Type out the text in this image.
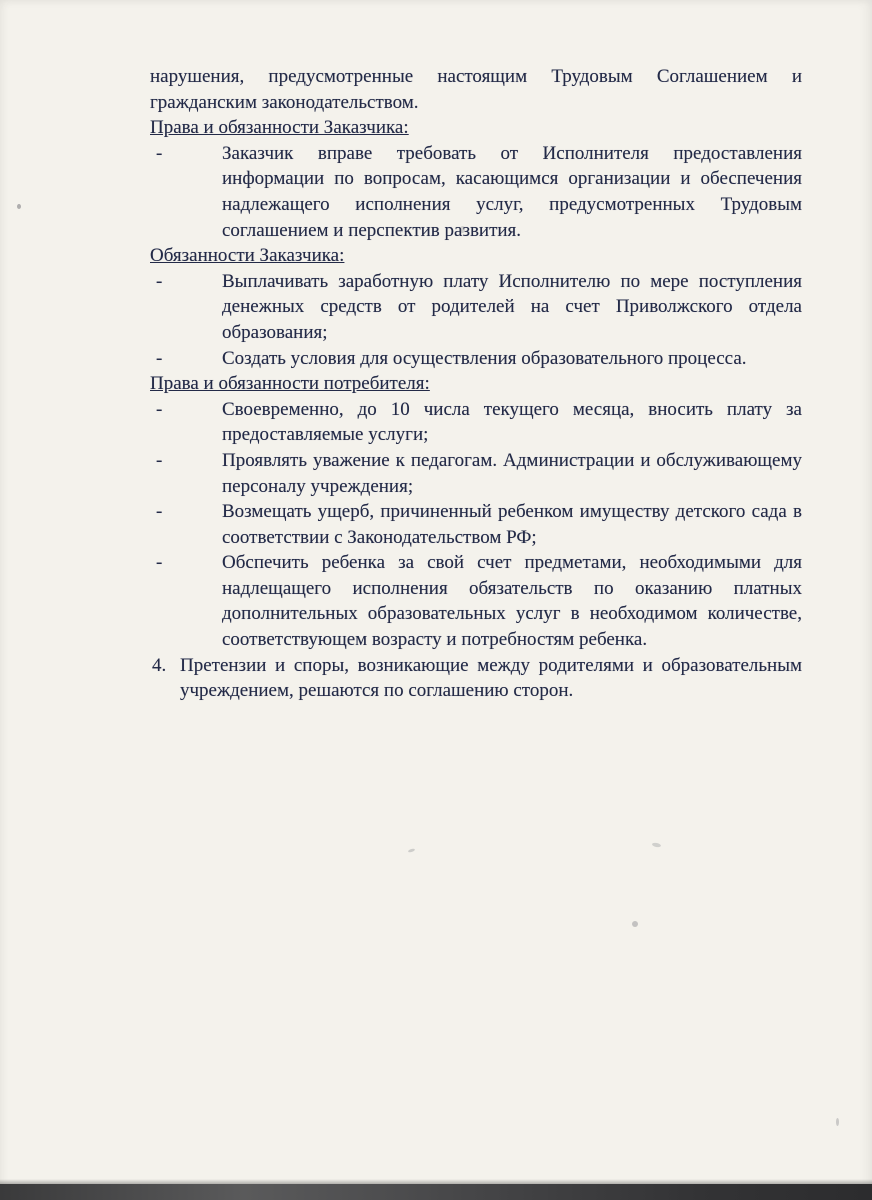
нарушения, предусмотренные настоящим Трудовым Соглашением и гражданским законодательством.

Права и обязанности Заказчика:
-	Заказчик вправе требовать от Исполнителя предоставления информации по вопросам, касающимся организации и обеспечения надлежащего исполнения услуг, предусмотренных Трудовым соглашением и перспектив развития.
Обязанности Заказчика:
-	Выплачивать заработную плату Исполнителю по мере поступления денежных средств от родителей на счет Приволжского отдела образования;
-	Создать условия для осуществления образовательного процесса.
Права и обязанности потребителя:
-	Своевременно, до 10 числа текущего месяца, вносить плату за предоставляемые услуги;
-	Проявлять уважение к педагогам. Администрации и обслуживающему персоналу учреждения;
-	Возмещать ущерб, причиненный ребенком имуществу детского сада в соответствии с Законодательством РФ;
-	Обспечить ребенка за свой счет предметами, необходимыми для надлещащего исполнения обязательств по оказанию платных дополнительных образовательных услуг в необходимом количестве, соответствующем возрасту и потребностям ребенка.
4. Претензии и споры, возникающие между родителями и образовательным учреждением, решаются по соглашению сторон.
